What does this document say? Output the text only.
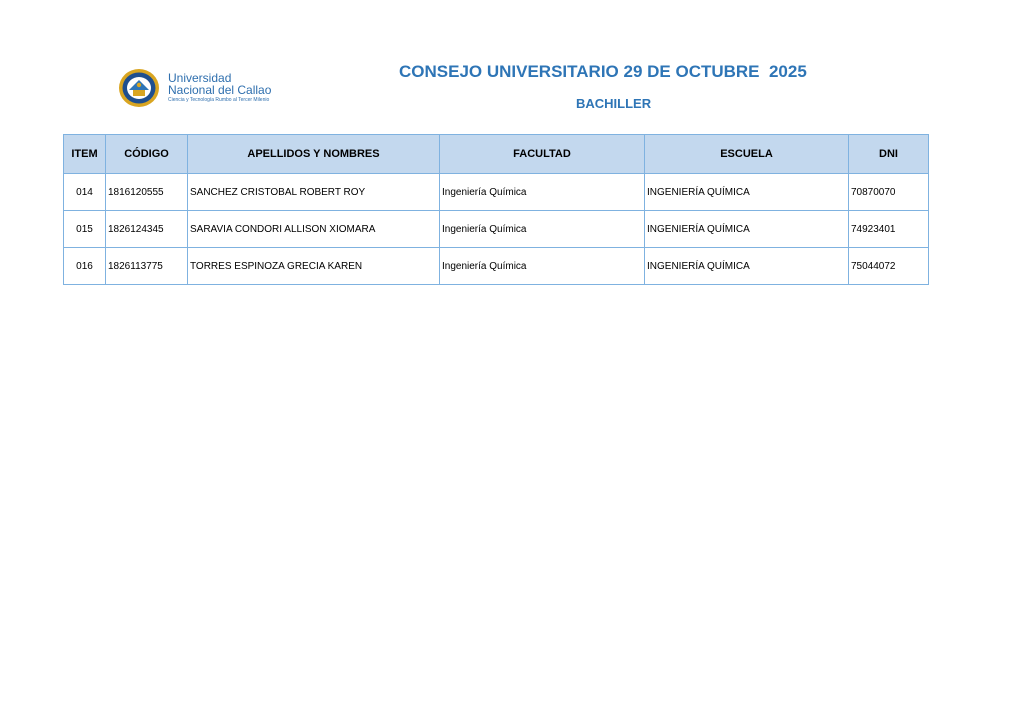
Universidad
Nacional del Callao
Ciencia y Tecnología Rumbo al Tercer Milenio
CONSEJO UNIVERSITARIO 29 DE OCTUBRE  2025
BACHILLER
ITEM	CÓDIGO	APELLIDOS Y NOMBRES	FACULTAD	ESCUELA	DNI
014	1816120555	SANCHEZ CRISTOBAL ROBERT ROY	Ingeniería Química	INGENIERÍA QUÍMICA	70870070
015	1826124345	SARAVIA CONDORI ALLISON XIOMARA	Ingeniería Química	INGENIERÍA QUÍMICA	74923401
016	1826113775	TORRES ESPINOZA GRECIA KAREN	Ingeniería Química	INGENIERÍA QUÍMICA	75044072
